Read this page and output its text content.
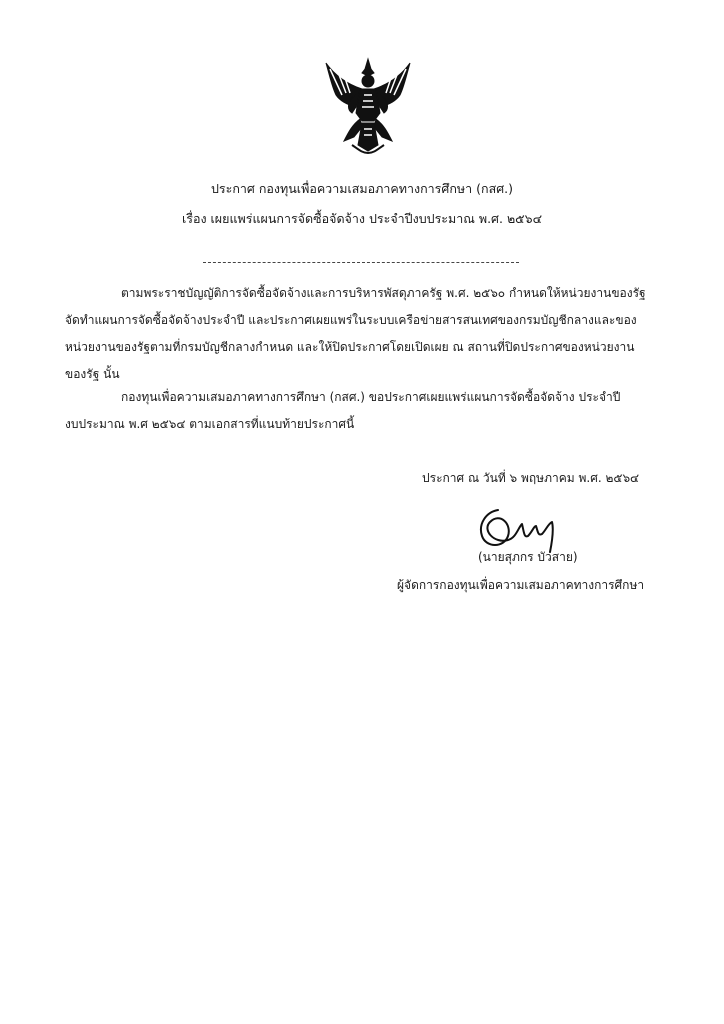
ประกาศ กองทุนเพื่อความเสมอภาคทางการศึกษา (กสศ.)
เรื่อง เผยแพร่แผนการจัดซื้อจัดจ้าง ประจำปีงบประมาณ พ.ศ. ๒๕๖๔
ตามพระราชบัญญัติการจัดซื้อจัดจ้างและการบริหารพัสดุภาครัฐ พ.ศ. ๒๕๖๐ กำหนดให้หน่วยงานของรัฐ
จัดทำแผนการจัดซื้อจัดจ้างประจำปี และประกาศเผยแพร่ในระบบเครือข่ายสารสนเทศของกรมบัญชีกลางและของ
หน่วยงานของรัฐตามที่กรมบัญชีกลางกำหนด และให้ปิดประกาศโดยเปิดเผย ณ สถานที่ปิดประกาศของหน่วยงาน
ของรัฐ นั้น
กองทุนเพื่อความเสมอภาคทางการศึกษา (กสศ.) ขอประกาศเผยแพร่แผนการจัดซื้อจัดจ้าง ประจำปี
งบประมาณ พ.ศ ๒๕๖๔ ตามเอกสารที่แนบท้ายประกาศนี้
ประกาศ ณ วันที่ ๖ พฤษภาคม พ.ศ. ๒๕๖๔
(นายสุภกร บัวสาย)
ผู้จัดการกองทุนเพื่อความเสมอภาคทางการศึกษา
